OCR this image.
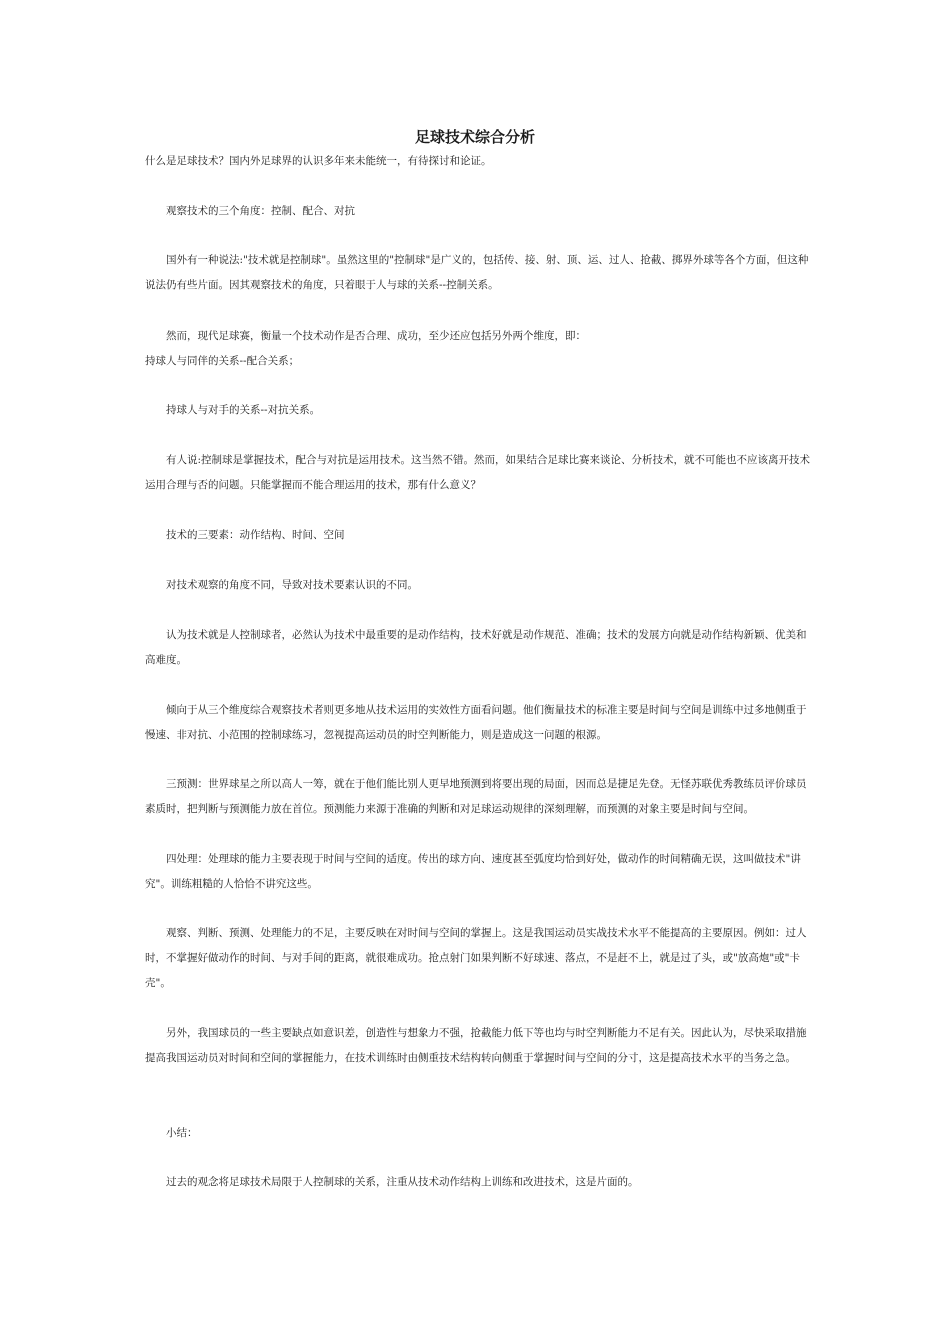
足球技术综合分析

什么是足球技术？国内外足球界的认识多年来未能统一，有待探讨和论证。

观察技术的三个角度：控制、配合、对抗

国外有一种说法:"技术就是控制球"。虽然这里的"控制球"是广义的，包括传、接、射、顶、运、过人、抢截、掷界外球等各个方面，但这种说法仍有些片面。因其观察技术的角度，只着眼于人与球的关系--控制关系。

然而，现代足球赛，衡量一个技术动作是否合理、成功，至少还应包括另外两个维度，即：

持球人与同伴的关系--配合关系；

持球人与对手的关系--对抗关系。

有人说:控制球是掌握技术，配合与对抗是运用技术。这当然不错。然而，如果结合足球比赛来谈论、分析技术，就不可能也不应该离开技术运用合理与否的问题。只能掌握而不能合理运用的技术，那有什么意义？

技术的三要素：动作结构、时间、空间

对技术观察的角度不同，导致对技术要素认识的不同。

认为技术就是人控制球者，必然认为技术中最重要的是动作结构，技术好就是动作规范、准确；技术的发展方向就是动作结构新颖、优美和高难度。

倾向于从三个维度综合观察技术者则更多地从技术运用的实效性方面看问题。他们衡量技术的标准主要是时间与空间是训练中过多地侧重于慢速、非对抗、小范围的控制球练习，忽视提高运动员的时空判断能力，则是造成这一问题的根源。

三预测：世界球星之所以高人一筹，就在于他们能比别人更早地预测到将要出现的局面，因而总是捷足先登。无怪苏联优秀教练员评价球员素质时，把判断与预测能力放在首位。预测能力来源于准确的判断和对足球运动规律的深刻理解，而预测的对象主要是时间与空间。

四处理：处理球的能力主要表现于时间与空间的适度。传出的球方向、速度甚至弧度均恰到好处，做动作的时间精确无误，这叫做技术"讲究"。训练粗糙的人恰恰不讲究这些。

观察、判断、预测、处理能力的不足，主要反映在对时间与空间的掌握上。这是我国运动员实战技术水平不能提高的主要原因。例如：过人时，不掌握好做动作的时间、与对手间的距离，就很难成功。抢点射门如果判断不好球速、落点，不是赶不上，就是过了头，或"放高炮"或"卡壳"。

另外，我国球员的一些主要缺点如意识差，创造性与想象力不强，抢截能力低下等也均与时空判断能力不足有关。因此认为，尽快采取措施提高我国运动员对时间和空间的掌握能力，在技术训练时由侧重技术结构转向侧重于掌握时间与空间的分寸，这是提高技术水平的当务之急。

小结：

过去的观念将足球技术局限于人控制球的关系，注重从技术动作结构上训练和改进技术，这是片面的。
